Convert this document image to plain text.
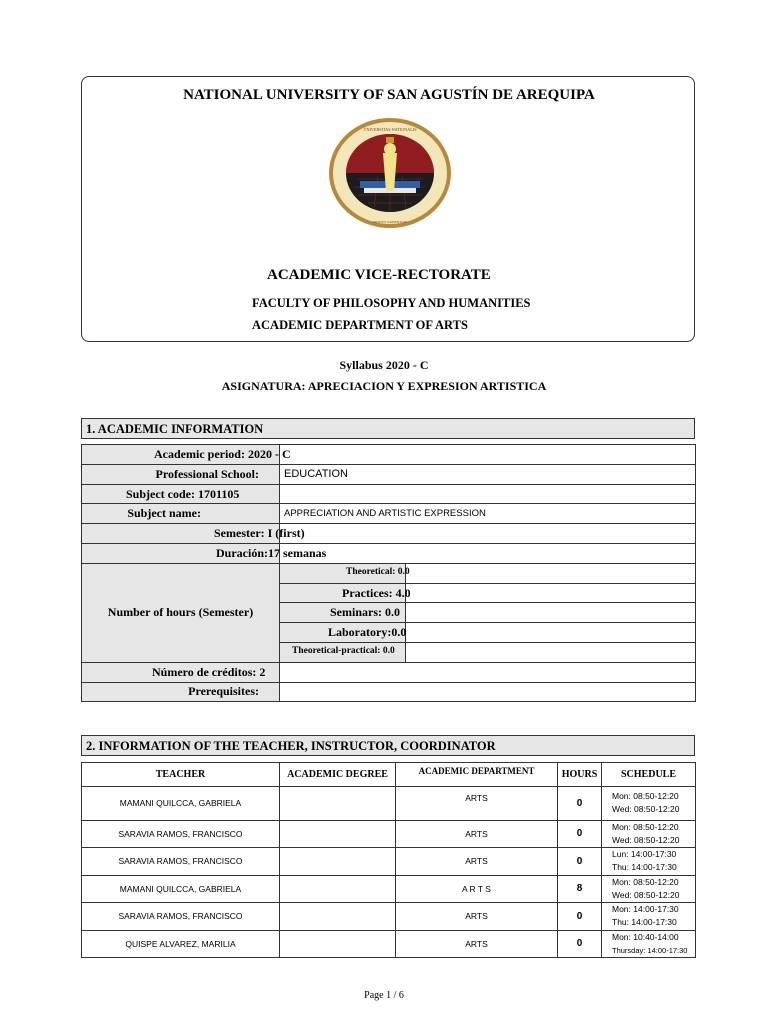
NATIONAL UNIVERSITY OF SAN AGUSTÍN DE AREQUIPA
VNIVERSITAS NATIONALIS
DIONYS SAPIENTIAE
ACADEMIC VICE-RECTORATE
FACULTY OF PHILOSOPHY AND HUMANITIES
ACADEMIC DEPARTMENT OF ARTS
Syllabus 2020 - C
ASIGNATURA: APRECIACION Y EXPRESION ARTISTICA
1. ACADEMIC INFORMATION
Academic period: 2020 - C		

Professional School:	EDUCATION	

Subject code: 1701105		

Subject name:	APPRECIATION AND ARTISTIC EXPRESSION	

Semester: I (first)		

Duración:17 semanas		

Number of hours (Semester)	Theoretical: 0.0	

	Practices: 4.0	

	Seminars: 0.0	

	Laboratory:0.0	

	Theoretical-practical: 0.0	

Número de créditos: 2		

Prerequisites:		
2. INFORMATION OF THE TEACHER, INSTRUCTOR, COORDINATOR
TEACHER	ACADEMIC DEGREE	ACADEMIC DEPARTMENT	HOURS	SCHEDULE
MAMANI QUILCCA, GABRIELA		ARTS	0	Mon: 08:50-12:20
Wed: 08:50-12:20

SARAVIA RAMOS, FRANCISCO		ARTS	0	Mon: 08:50-12:20
Wed: 08:50-12:20

SARAVIA RAMOS, FRANCISCO		ARTS	0	Lun: 14:00-17:30
Thu: 14:00-17:30

MAMANI QUILCCA, GABRIELA		A R T S	8	Mon: 08:50-12:20
Wed: 08:50-12:20

SARAVIA RAMOS, FRANCISCO		ARTS	0	Mon: 14:00-17:30
Thu: 14:00-17:30

QUISPE ALVAREZ, MARILIA		ARTS	0	Mon: 10:40-14:00
Thursday: 14:00-17:30
Page 1 / 6
